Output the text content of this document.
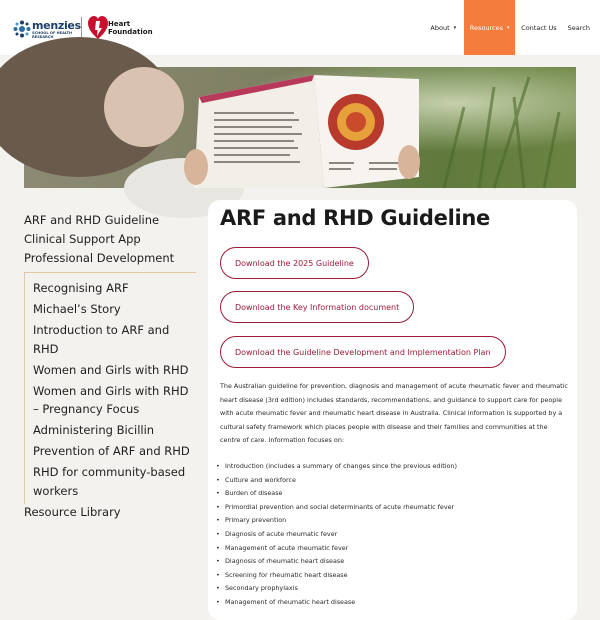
menzies
SCHOOL OF HEALTH RESEARCH
Heart
Foundation
About ▾ Resources ▾	Contact Us	Search
ARF and RHD Guideline
Clinical Support App
Professional Development
Recognising ARF
Michael’s Story
Introduction to ARF and RHD
Women and Girls with RHD
Women and Girls with RHD – Pregnancy Focus
Administering Bicillin
Prevention of ARF and RHD
RHD for community-based workers
Resource Library
ARF and RHD Guideline
Download the 2025 Guideline
Download the Key Information document
Download the Guideline Development and Implementation Plan

The Australian guideline for prevention, diagnosis and management of acute rheumatic fever and rheumatic heart disease (3rd edition) includes standards, recommendations, and guidance to support care for people with acute rheumatic fever and rheumatic heart disease in Australia. Clinical information is supported by a cultural safety framework which places people with disease and their families and communities at the centre of care. Information focuses on:

• Introduction (includes a summary of changes since the previous edition)
• Culture and workforce
• Burden of disease
• Primordial prevention and social determinants of acute rheumatic fever
• Primary prevention
• Diagnosis of acute rheumatic fever
• Management of acute rheumatic fever
• Diagnosis of rheumatic heart disease
• Screening for rheumatic heart disease
• Secondary prophylaxis
• Management of rheumatic heart disease
